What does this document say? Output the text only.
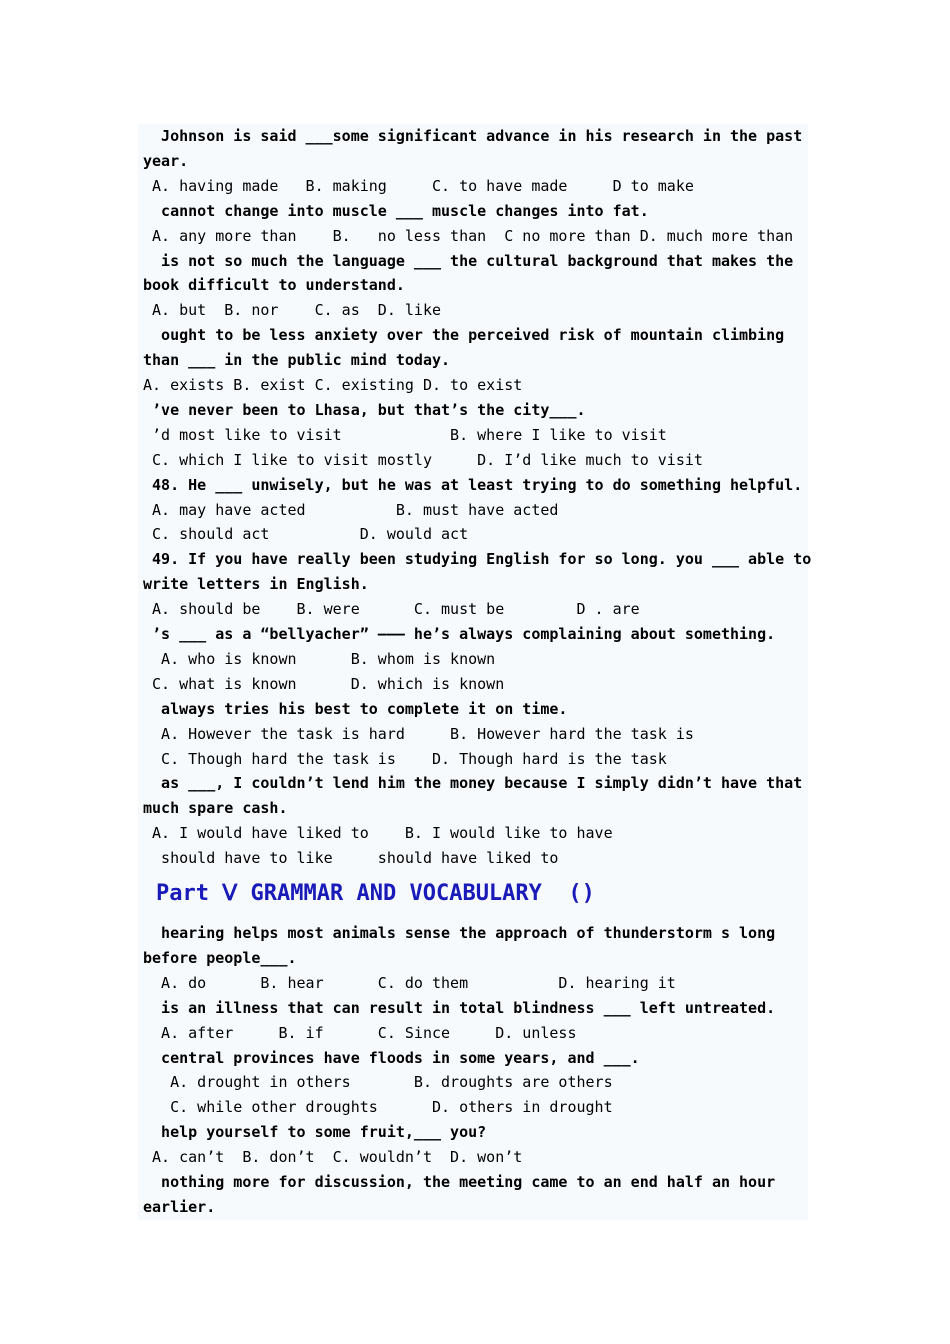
Johnson is said ___some significant advance in his research in the past
year.
A. having made   B. making     C. to have made     D to make
cannot change into muscle ___ muscle changes into fat.
A. any more than    B.   no less than  C no more than D. much more than
is not so much the language ___ the cultural background that makes the
book difficult to understand.
A. but  B. nor    C. as  D. like
ought to be less anxiety over the perceived risk of mountain climbing
than ___ in the public mind today.
A. exists B. exist C. existing D. to exist
’ve never been to Lhasa, but that’s the city___.
’d most like to visit            B. where I like to visit
C. which I like to visit mostly     D. I’d like much to visit
48. He ___ unwisely, but he was at least trying to do something helpful.
A. may have acted          B. must have acted
C. should act          D. would act
49. If you have really been studying English for so long. you ___ able to
write letters in English.
A. should be    B. were      C. must be        D . are
’s ___ as a “bellyacher” ——— he’s always complaining about something.
A. who is known      B. whom is known
C. what is known      D. which is known
always tries his best to complete it on time.
A. However the task is hard     B. However hard the task is
C. Though hard the task is    D. Though hard is the task
as ___, I couldn’t lend him the money because I simply didn’t have that
much spare cash.
A. I would have liked to    B. I would like to have
should have to like     should have liked to
Part Ⅴ GRAMMAR AND VOCABULARY  ()
hearing helps most animals sense the approach of thunderstorm s long
before people___.
A. do      B. hear      C. do them          D. hearing it
is an illness that can result in total blindness ___ left untreated.
A. after     B. if      C. Since     D. unless
central provinces have floods in some years, and ___.
A. drought in others       B. droughts are others
C. while other droughts      D. others in drought
help yourself to some fruit,___ you?
A. can’t  B. don’t  C. wouldn’t  D. won’t
nothing more for discussion, the meeting came to an end half an hour
earlier.
